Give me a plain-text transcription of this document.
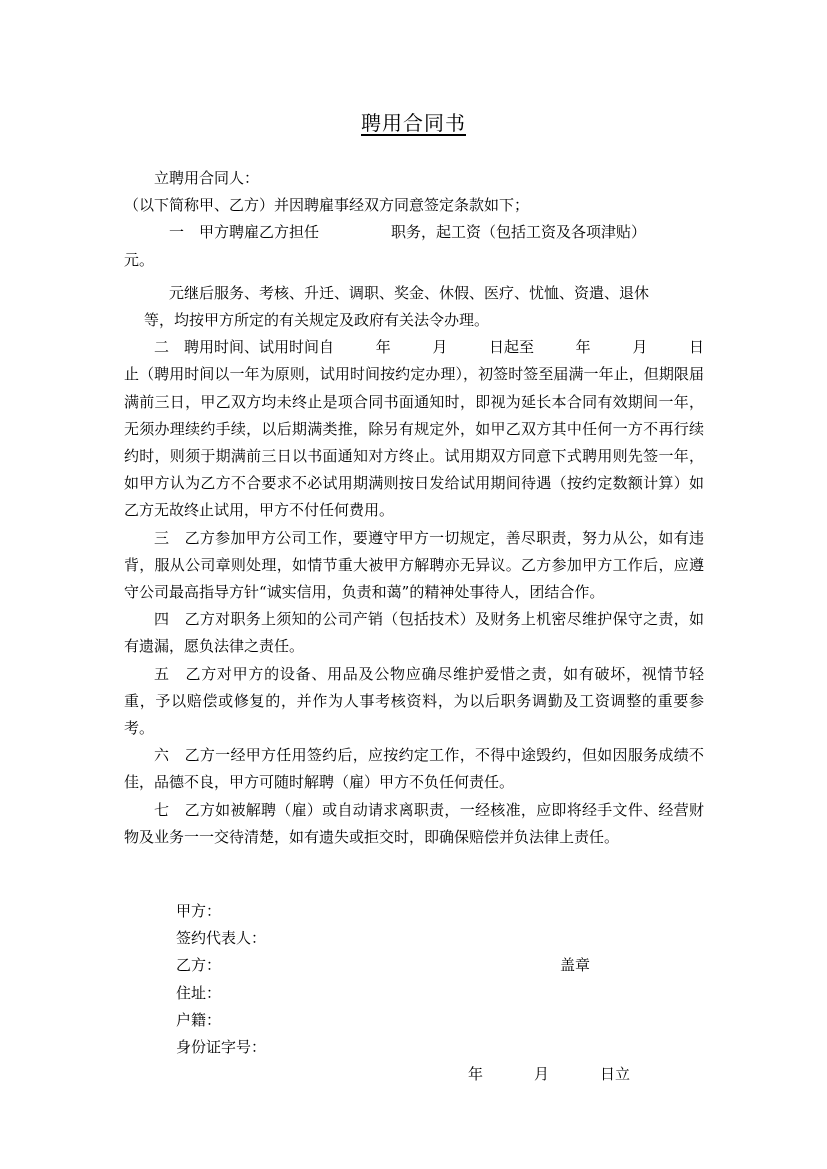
聘用合同书

立聘用合同人：

（以下简称甲、乙方）并因聘雇事经双方同意签定条款如下；

一　 甲方聘雇乙方担任	职务，起工资（包括工资及各项津贴）

元。

元继后服务、考核、升迁、调职、奖金、休假、医疗、忧恤、资遣、退休

等，均按甲方所定的有关规定及政府有关法令办理。

二　 聘用时间、试用时间自	年	月	日起至	年	月	日

止（聘用时间以一年为原则，试用时间按约定办理），初签时签至届满一年止，但期限届满前三日，甲乙双方均未终止是项合同书面通知时，即视为延长本合同有效期间一年，无须办理续约手续，以后期满类推，除另有规定外，如甲乙双方其中任何一方不再行续约时，则须于期满前三日以书面通知对方终止。试用期双方同意下式聘用则先签一年，如甲方认为乙方不合要求不必试用期满则按日发给试用期间待遇（按约定数额计算）如乙方无故终止试用，甲方不付任何费用。

三　 乙方参加甲方公司工作，要遵守甲方一切规定，善尽职责，努力从公，如有违背，服从公司章则处理，如情节重大被甲方解聘亦无异议。乙方参加甲方工作后，应遵守公司最高指导方针“诚实信用，负责和蔼”的精神处事待人，团结合作。

四　 乙方对职务上须知的公司产销（包括技术）及财务上机密尽维护保守之责，如有遗漏，愿负法律之责任。

五　 乙方对甲方的设备、用品及公物应确尽维护爱惜之责，如有破坏，视情节轻重，予以赔偿或修复的，并作为人事考核资料，为以后职务调勤及工资调整的重要参考。

六　 乙方一经甲方任用签约后，应按约定工作，不得中途毁约，但如因服务成绩不佳，品德不良，甲方可随时解聘（雇）甲方不负任何责任。

七　 乙方如被解聘（雇）或自动请求离职责，一经核准，应即将经手文件、经营财物及业务一一交待清楚，如有遗失或拒交时，即确保赔偿并负法律上责任。

甲方：
签约代表人：
乙方：	盖章
住址：
户籍：
身份证字号：
年	月	日立
